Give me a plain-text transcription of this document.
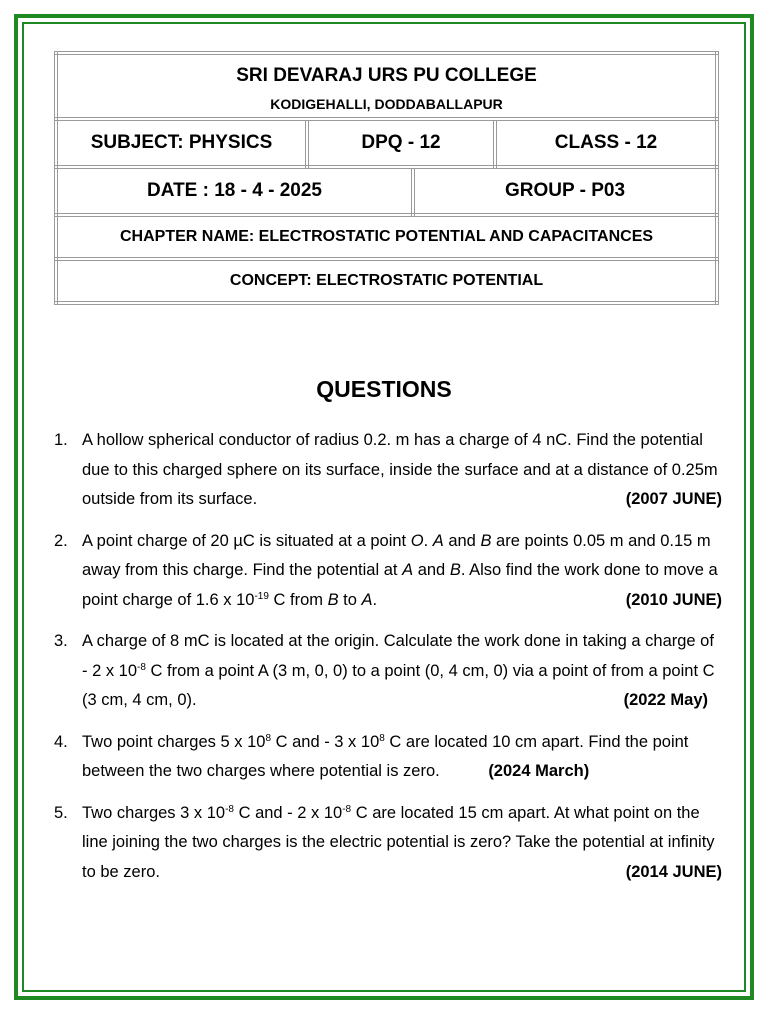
SRI DEVARAJ URS PU COLLEGE
KODIGEHALLI, DODDABALLAPUR			

SUBJECT: PHYSICS	DPQ - 12		CLASS - 12
DATE : 18 - 4 - 2025		GROUP - P03	
CHAPTER NAME: ELECTROSTATIC POTENTIAL AND CAPACITANCES			
CONCEPT: ELECTROSTATIC POTENTIAL			
QUESTIONS
1. A hollow spherical conductor of radius 0.2. m has a charge of 4 nC. Find the potential due to this charged sphere on its surface, inside the surface and at a distance of 0.25m outside from its surface.	(2007 JUNE)
2. A point charge of 20 µC is situated at a point O. A and B are points 0.05 m and 0.15 m away from this charge. Find the potential at A and B. Also find the work done to move a point charge of 1.6 x $10^{-19}$ C from B to A.	(2010 JUNE)
3. A charge of 8 mC is located at the origin. Calculate the work done in taking a charge of - 2 x $10^{-8}$ C from a point A (3 m, 0, 0) to a point (0, 4 cm, 0) via a point of from a point C (3 cm, 4 cm, 0).	(2022 May)
4. Two point charges 5 x $10^8$ C and - 3 x $10^8$ C are located 10 cm apart. Find the point between the two charges where potential is zero.	(2024 March)
5. Two charges 3 x $10^{-8}$ C and - 2 x $10^{-8}$ C are located 15 cm apart. At what point on the line joining the two charges is the electric potential is zero? Take the potential at infinity to be zero.	(2014 JUNE)
